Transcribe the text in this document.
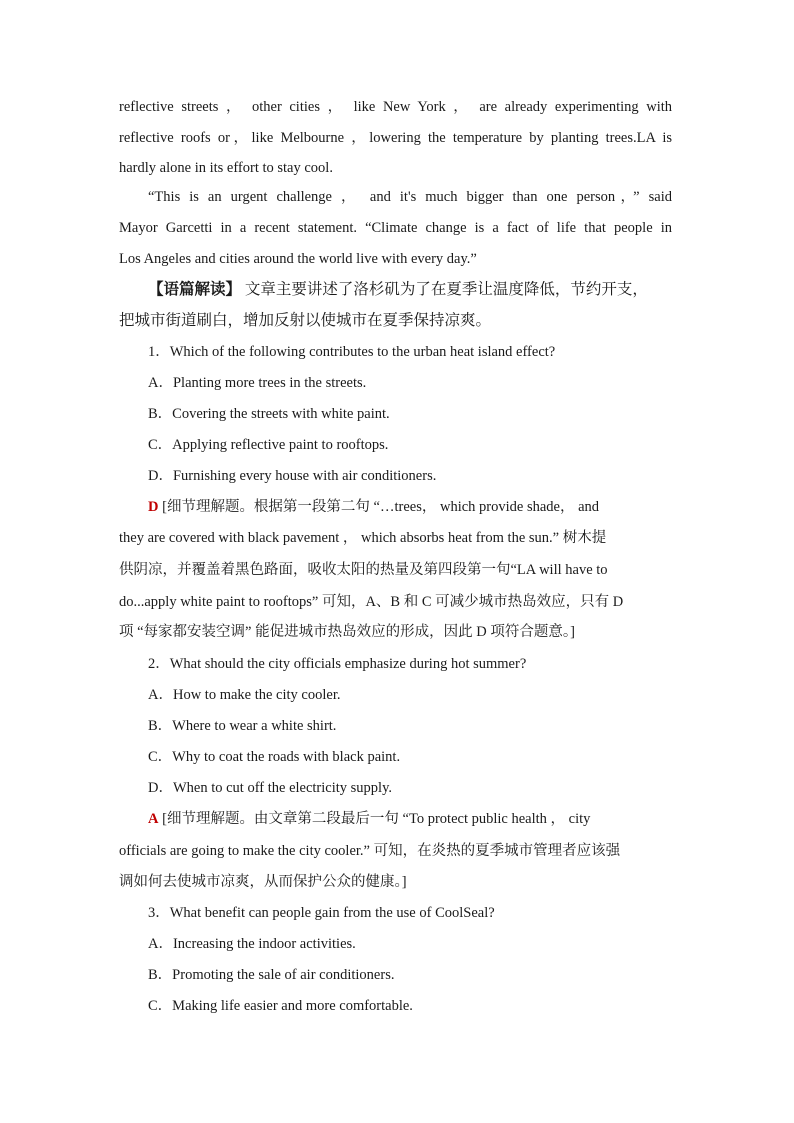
reflective streets ， other cities ， like New York ， are already experimenting with
reflective roofs or，like Melbourne ，lowering the temperature by planting trees.LA is
hardly alone in its effort to stay cool.
“This is an urgent challenge ， and it's much bigger than one person，” said
Mayor Garcetti in a recent statement. “Climate change is a fact of life that people in
Los Angeles and cities around the world live with every day.”
【语篇解读】 文章主要讲述了洛杉矶为了在夏季让温度降低，节约开支，
把城市街道刷白，增加反射以使城市在夏季保持凉爽。
1．Which of the following contributes to the urban heat island effect?
A．Planting more trees in the streets.
B．Covering the streets with white paint.
C．Applying reflective paint to rooftops.
D．Furnishing every house with air conditioners.
D [细节理解题。根据第一段第二句 “…trees， which provide shade， and
they are covered with black pavement ， which absorbs heat from the sun.” 树木提
供阴凉，并覆盖着黑色路面，吸收太阳的热量及第四段第一句“LA will have to
do...apply white paint to rooftops” 可知，A、B 和 C 可减少城市热岛效应，只有 D
项 “每家都安装空调” 能促进城市热岛效应的形成，因此 D 项符合题意。]
2．What should the city officials emphasize during hot summer?
A．How to make the city cooler.
B．Where to wear a white shirt.
C．Why to coat the roads with black paint.
D．When to cut off the electricity supply.
A [细节理解题。由文章第二段最后一句 “To protect public health ， city
officials are going to make the city cooler.” 可知，在炎热的夏季城市管理者应该强
调如何去使城市凉爽，从而保护公众的健康。]
3．What benefit can people gain from the use of CoolSeal?
A．Increasing the indoor activities.
B．Promoting the sale of air conditioners.
C．Making life easier and more comfortable.
